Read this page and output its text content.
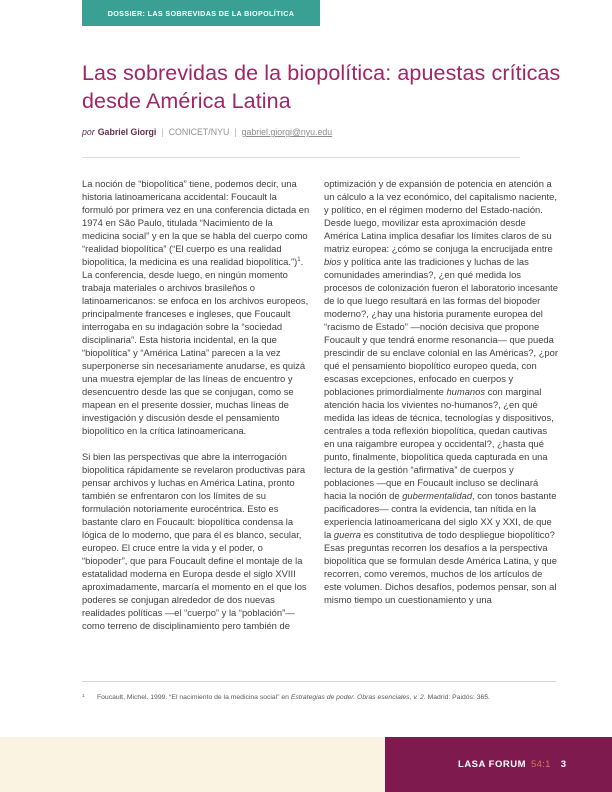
DOSSIER: LAS SOBREVIDAS DE LA BIOPOLÍTICA
Las sobrevidas de la biopolítica: apuestas críticas desde América Latina
por Gabriel Giorgi | CONICET/NYU | gabriel.giorgi@nyu.edu

La noción de “biopolítica” tiene, podemos decir, una historia latinoamericana accidental: Foucault la formuló por primera vez en una conferencia dictada en 1974 en São Paulo, titulada “Nacimiento de la medicina social” y en la que se habla del cuerpo como “realidad biopolítica” (“El cuerpo es una realidad biopolítica, la medicina es una realidad biopolítica.”)$^1$. La conferencia, desde luego, en ningún momento trabaja materiales o archivos brasileños o latinoamericanos: se enfoca en los archivos europeos, principalmente franceses e ingleses, que Foucault interrogaba en su indagación sobre la “sociedad disciplinaria”. Esta historia incidental, en la que “biopolítica” y “América Latina” parecen a la vez superponerse sin necesariamente anudarse, es quizá una muestra ejemplar de las líneas de encuentro y desencuentro desde las que se conjugan, como se mapean en el presente dossier, muchas líneas de investigación y discusión desde el pensamiento biopolítico en la crítica latinoamericana.

Si bien las perspectivas que abre la interrogación biopolítica rápidamente se revelaron productivas para pensar archivos y luchas en América Latina, pronto también se enfrentaron con los límites de su formulación notoriamente eurocéntrica. Esto es bastante claro en Foucault: biopolítica condensa la lógica de lo moderno, que para él es blanco, secular, europeo. El cruce entre la vida y el poder, o “biopoder”, que para Foucault define el montaje de la estatalidad moderna en Europa desde el siglo XVIII aproximadamente, marcaría el momento en el que los poderes se conjugan alrededor de dos nuevas realidades políticas —el “cuerpo” y la “población”— como terreno de disciplinamiento pero también de

optimización y de expansión de potencia en atención a un cálculo a la vez económico, del capitalismo naciente, y político, en el régimen moderno del Estado-nación. Desde luego, movilizar esta aproximación desde América Latina implica desafiar los límites claros de su matriz europea: ¿cómo se conjuga la encrucijada entre bios y política ante las tradiciones y luchas de las comunidades amerindias?, ¿en qué medida los procesos de colonización fueron el laboratorio incesante de lo que luego resultará en las formas del biopoder moderno?, ¿hay una historia puramente europea del “racismo de Estado” —noción decisiva que propone Foucault y que tendrá enorme resonancia— que pueda prescindir de su enclave colonial en las Américas?, ¿por qué el pensamiento biopolítico europeo queda, con escasas excepciones, enfocado en cuerpos y poblaciones primordialmente humanos con marginal atención hacia los vivientes no-humanos?, ¿en qué medida las ideas de técnica, tecnologías y dispositivos, centrales a toda reflexión biopolítica, quedan cautivas en una raigambre europea y occidental?, ¿hasta qué punto, finalmente, biopolítica queda capturada en una lectura de la gestión “afirmativa” de cuerpos y poblaciones —que en Foucault incluso se declinará hacia la noción de gubermentalidad, con tonos bastante pacificadores— contra la evidencia, tan nítida en la experiencia latinoamericana del siglo XX y XXI, de que la guerra es constitutiva de todo despliegue biopolítico? Esas preguntas recorren los desafíos a la perspectiva biopolítica que se formulan desde América Latina, y que recorren, como veremos, muchos de los artículos de este volumen. Dichos desafíos, podemos pensar, son al mismo tiempo un cuestionamiento y una

1	Foucault, Michel. 1999. “El nacimiento de la medicina social” en Estrategias de poder. Obras esenciales, v. 2. Madrid: Paidós: 365.
LASA FORUM 54:1 3
